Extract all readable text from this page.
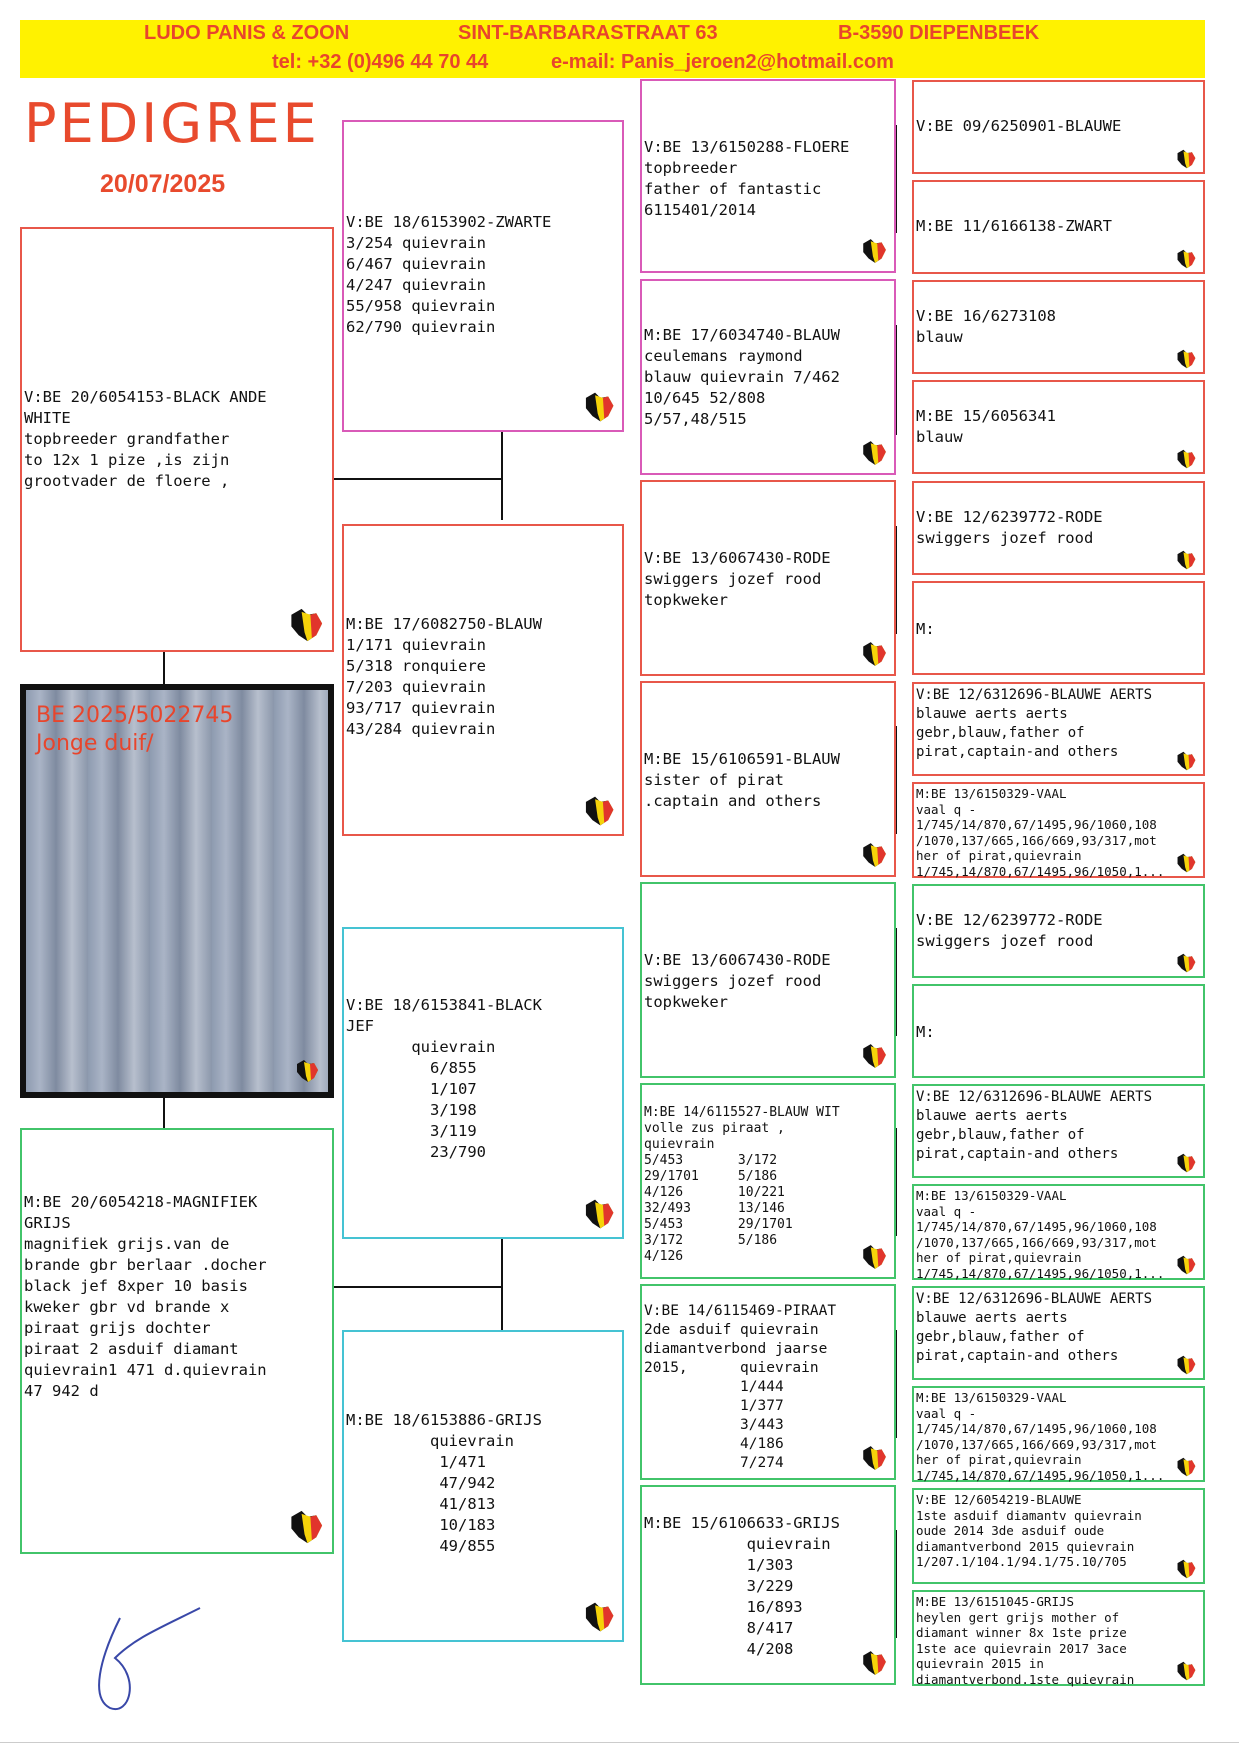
LUDO PANIS & ZOON	SINT-BARBARASTRAAT 63	B-3590 DIEPENBEEK
tel: +32 (0)496 44 70 44	e-mail: Panis_jeroen2@hotmail.com
PEDIGREE
20/07/2025
BE 2025/5022745
Jonge duif/
V:BE 20/6054153-BLACK ANDE
WHITE
topbreeder grandfather
to 12x 1 pize ,is zijn
grootvader de floere ,
M:BE 20/6054218-MAGNIFIEK
GRIJS
magnifiek grijs.van de
brande gbr berlaar .docher
black jef 8xper 10 basis
kweker gbr vd brande x
piraat grijs dochter
piraat 2 asduif diamant
quievrain1 471 d.quievrain
47 942 d
V:BE 18/6153902-ZWARTE
3/254 quievrain
6/467 quievrain
4/247 quievrain
55/958 quievrain
62/790 quievrain
M:BE 17/6082750-BLAUW
1/171 quievrain
5/318 ronquiere
7/203 quievrain
93/717 quievrain
43/284 quievrain
V:BE 18/6153841-BLACK
JEF
quievrain
6/855
1/107
3/198
3/119
23/790
M:BE 18/6153886-GRIJS
quievrain
1/471
47/942
41/813
10/183
49/855
V:BE 13/6150288-FLOERE
topbreeder
father of fantastic
6115401/2014
M:BE 17/6034740-BLAUW
ceulemans raymond
blauw quievrain 7/462
10/645 52/808
5/57,48/515
V:BE 13/6067430-RODE
swiggers jozef rood
topkweker
M:BE 15/6106591-BLAUW
sister of pirat
.captain and others
V:BE 13/6067430-RODE
swiggers jozef rood
topkweker
M:BE 14/6115527-BLAUW WIT
volle zus piraat ,
quievrain
5/453       3/172
29/1701     5/186
4/126       10/221
32/493      13/146
5/453       29/1701
3/172       5/186
4/126
V:BE 14/6115469-PIRAAT
2de asduif quievrain
diamantverbond jaarse
2015,      quievrain
1/444
1/377
3/443
4/186
7/274
M:BE 15/6106633-GRIJS
quievrain
1/303
3/229
16/893
8/417
4/208
V:BE 09/6250901-BLAUWE
M:BE 11/6166138-ZWART
V:BE 16/6273108
blauw
M:BE 15/6056341
blauw
V:BE 12/6239772-RODE
swiggers jozef rood
M:
V:BE 12/6312696-BLAUWE AERTS
blauwe aerts aerts
gebr,blauw,father of
pirat,captain-and others
M:BE 13/6150329-VAAL
vaal q -
1/745/14/870,67/1495,96/1060,108
/1070,137/665,166/669,93/317,mot
her of pirat,quievrain
1/745,14/870,67/1495,96/1050,1...
V:BE 12/6239772-RODE
swiggers jozef rood
M:
V:BE 12/6312696-BLAUWE AERTS
blauwe aerts aerts
gebr,blauw,father of
pirat,captain-and others
M:BE 13/6150329-VAAL
vaal q -
1/745/14/870,67/1495,96/1060,108
/1070,137/665,166/669,93/317,mot
her of pirat,quievrain
1/745,14/870,67/1495,96/1050,1...
V:BE 12/6312696-BLAUWE AERTS
blauwe aerts aerts
gebr,blauw,father of
pirat,captain-and others
M:BE 13/6150329-VAAL
vaal q -
1/745/14/870,67/1495,96/1060,108
/1070,137/665,166/669,93/317,mot
her of pirat,quievrain
1/745,14/870,67/1495,96/1050,1...
V:BE 12/6054219-BLAUWE
1ste asduif diamantv quievrain
oude 2014 3de asduif oude
diamantverbond 2015 quievrain
1/207.1/104.1/94.1/75.10/705
M:BE 13/6151045-GRIJS
heylen gert grijs mother of
diamant winner 8x 1ste prize
1ste ace quievrain 2017 3ace
quievrain 2015 in
diamantverbond.1ste quievrain
